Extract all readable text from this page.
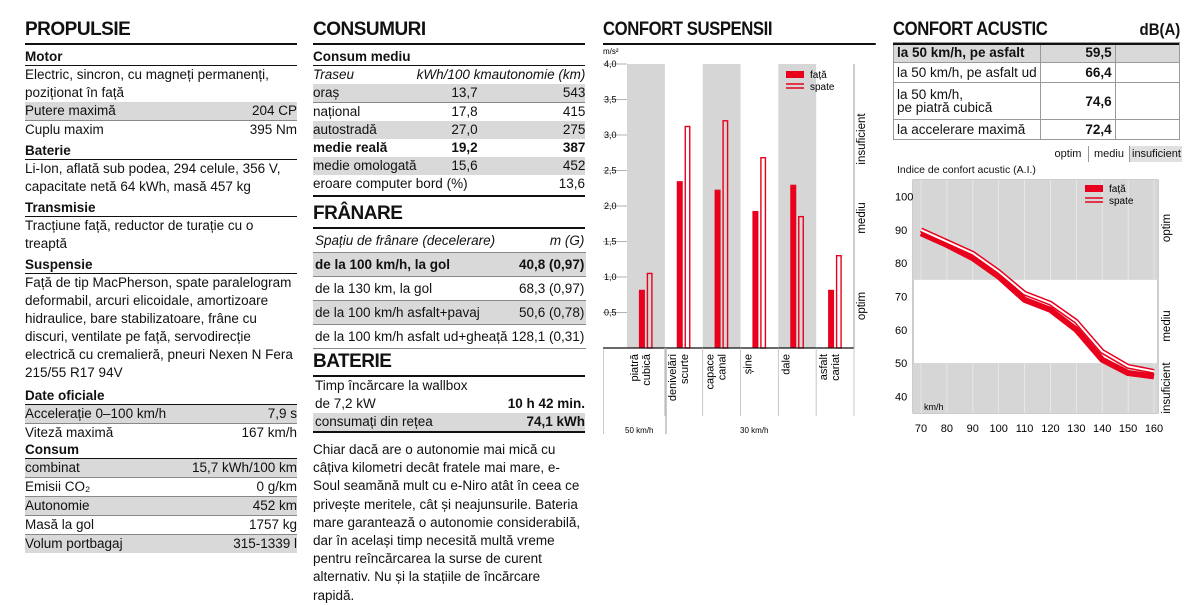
PROPULSIE
Motor
Electric, sincron, cu magneți permanenți, poziționat în față
Putere maximă	204 CP
Cuplu maxim	395 Nm
Baterie
Li-Ion, aflată sub podea, 294 celule, 356 V, capacitate netă 64 kWh, masă 457 kg
Transmisie
Tracțiune față, reductor de turație cu o treaptă
Suspensie
Față de tip MacPherson, spate paralelogram deformabil, arcuri elicoidale, amortizoare hidraulice, bare stabilizatoare, frâne cu discuri, ventilate pe față, servodirecție electrică cu cremalieră, pneuri Nexen N Fera 215/55 R17 94V
Date oficiale
Accelerație 0–100 km/h	7,9 s
Viteză maximă	167 km/h
Consum
combinat	15,7 kWh/100 km
Emisii CO₂	0 g/km
Autonomie	452 km
Masă la gol	1757 kg
Volum portbagaj	315-1339 l
CONSUMURI
Consum mediu
Traseu	kWh/100 km	autonomie (km)
oraș	13,7	543
național	17,8	415
autostradă	27,0	275
medie reală	19,2	387
medie omologată	15,6	452
eroare computer bord (%)	13,6
FRÂNARE
Spațiu de frânare (decelerare)	m (G)
de la 100 km/h, la gol	40,8 (0,97)
de la 130 km, la gol	68,3 (0,97)
de la 100 km/h asfalt+pavaj	50,6 (0,78)
de la 100 km/h asfalt ud+gheață	128,1 (0,31)
BATERIE
Timp încărcare la wallbox
de 7,2 kW	10 h 42 min.
consumați din rețea	74,1 kWh
Chiar dacă are o autonomie mai mică cu câțiva kilometri decât fratele mai mare, e-Soul seamănă mult cu e-Niro atât în ceea ce privește meritele, cât și neajunsurile. Bateria mare garantează o autonomie considerabilă, dar în același timp necesită multă vreme pentru reîncărcarea la surse de curent alternativ. Nu și la stațiile de încărcare rapidă.
CONFORT SUSPENSII
m/s²
0,5
1,0
1,5
2,0
2,5
3,0
3,5
4,0
piatră cubică denivelări scurte capace canal șine dale asfalt cariat
insuficient
mediu
optim
față
spate
50 km/h	30 km/h
CONFORT ACUSTIC	dB(A)
la 50 km/h, pe asfalt	59,5	
la 50 km/h, pe asfalt ud	66,4	
la 50 km/h,
pe piatră cubică	74,6	
la accelerare maximă	72,4	
optim	mediu insuficient
Indice de confort acustic (A.I.)
40
50
60
70
80
90
100
70 80 90 100 110 120 130 140 150 160
optim
mediu
insuficient
km/h
față
spate
